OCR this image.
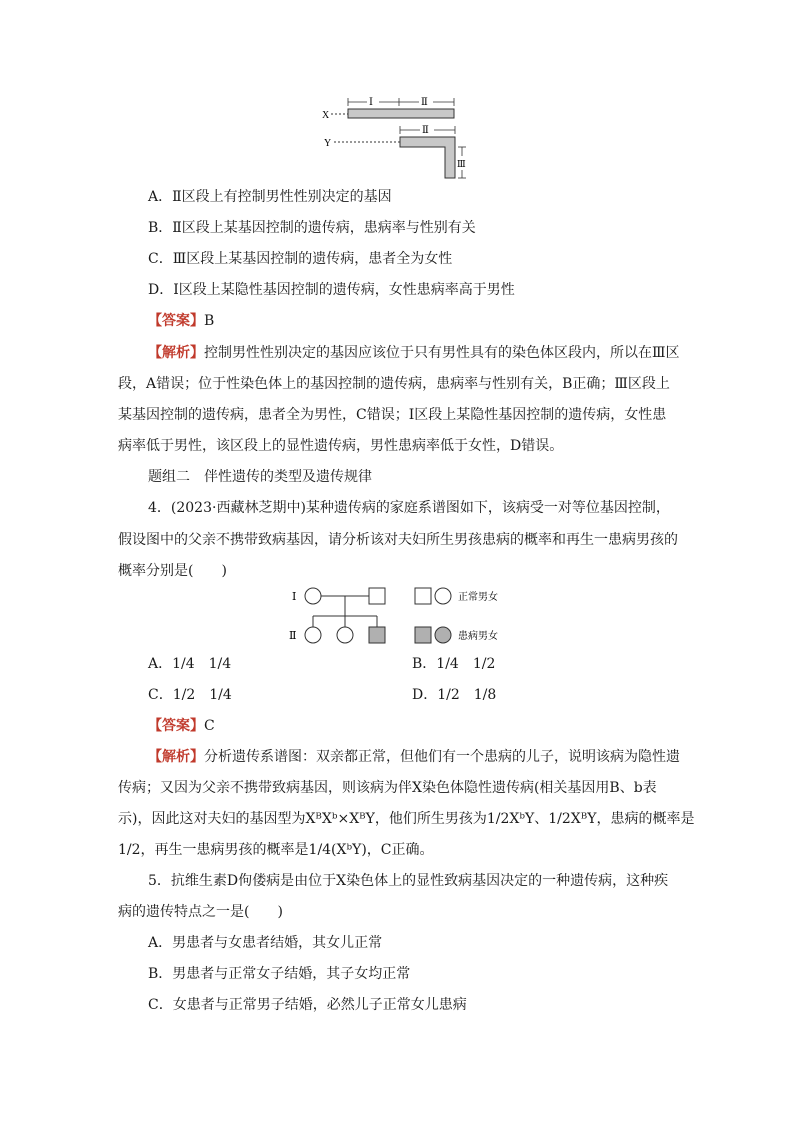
X
Ⅰ	Ⅱ
Y
Ⅱ
Ⅲ
A．Ⅱ区段上有控制男性性别决定的基因
B．Ⅱ区段上某基因控制的遗传病，患病率与性别有关
C．Ⅲ区段上某基因控制的遗传病，患者全为女性
D．Ⅰ区段上某隐性基因控制的遗传病，女性患病率高于男性
【答案】B
【解析】控制男性性别决定的基因应该位于只有男性具有的染色体区段内，所以在Ⅲ区
段，A错误；位于性染色体上的基因控制的遗传病，患病率与性别有关，B正确；Ⅲ区段上
某基因控制的遗传病，患者全为男性，C错误；Ⅰ区段上某隐性基因控制的遗传病，女性患
病率低于男性，该区段上的显性遗传病，男性患病率低于女性，D错误。
题组二　伴性遗传的类型及遗传规律
4．(2023·西藏林芝期中)某种遗传病的家庭系谱图如下，该病受一对等位基因控制，
假设图中的父亲不携带致病基因，请分析该对夫妇所生男孩患病的概率和再生一患病男孩的
概率分别是(　　)
Ⅰ
Ⅱ
正常男女
患病男女
A．1/4　1/4	B．1/4　1/2
C．1/2　1/4	D．1/2　1/8
【答案】C
【解析】分析遗传系谱图：双亲都正常，但他们有一个患病的儿子，说明该病为隐性遗
传病；又因为父亲不携带致病基因，则该病为伴X染色体隐性遗传病(相关基因用B、b表
示)，因此这对夫妇的基因型为XᴮXᵇ×XᴮY，他们所生男孩为1/2XᵇY、1/2XᴮY，患病的概率是
1/2，再生一患病男孩的概率是1/4(XᵇY)，C正确。
5．抗维生素D佝偻病是由位于X染色体上的显性致病基因决定的一种遗传病，这种疾
病的遗传特点之一是(　　)
A．男患者与女患者结婚，其女儿正常
B．男患者与正常女子结婚，其子女均正常
C．女患者与正常男子结婚，必然儿子正常女儿患病
